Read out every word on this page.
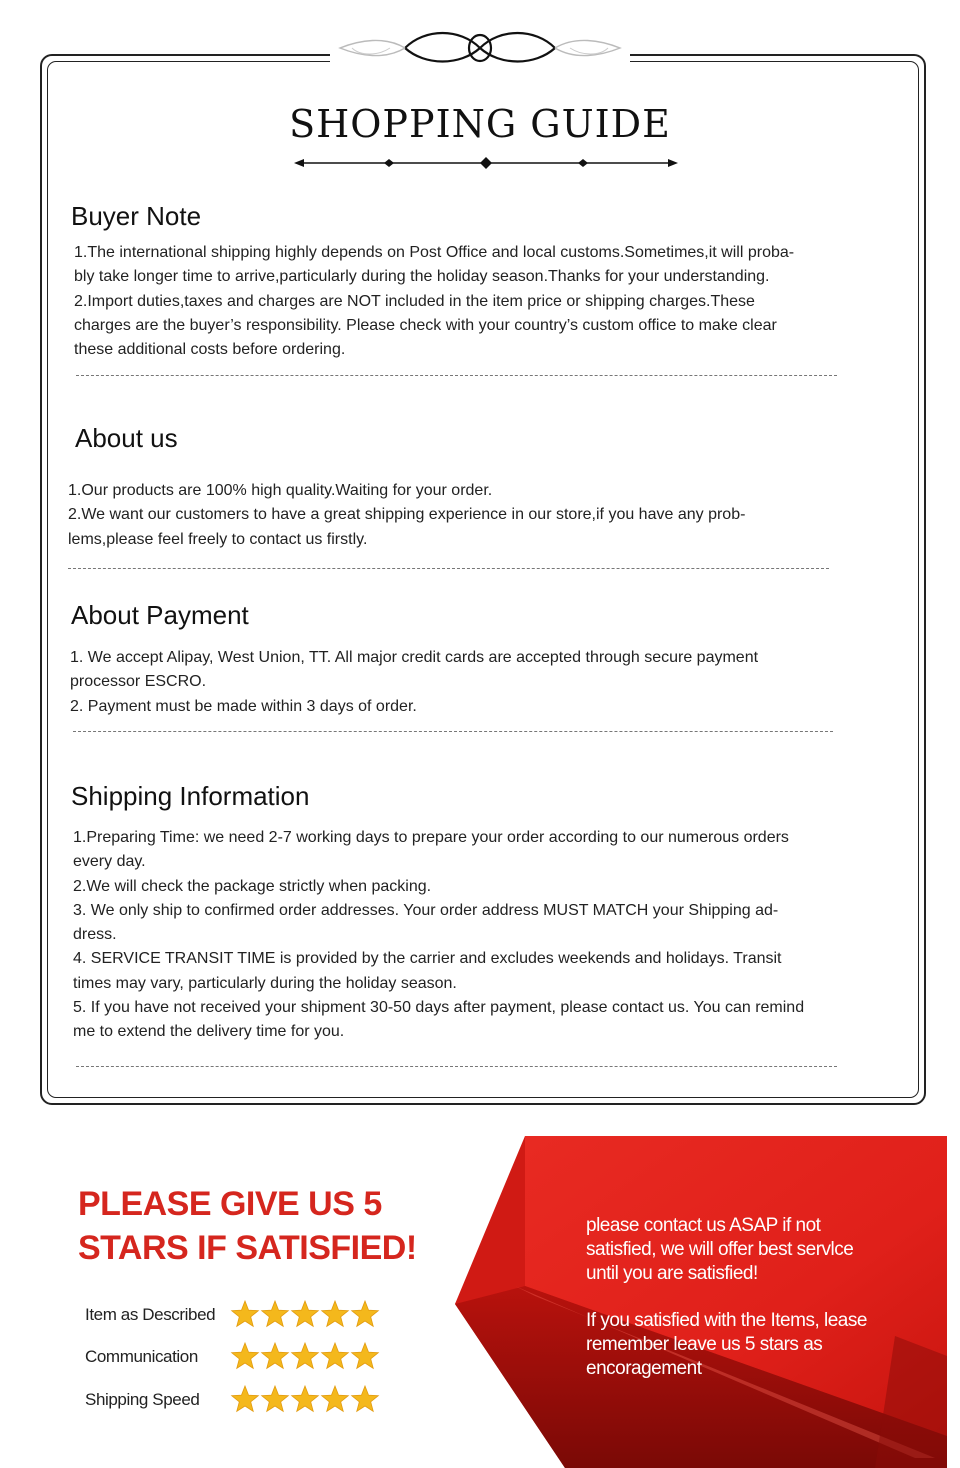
SHOPPING GUIDE
Buyer Note
1.The international shipping highly depends on Post Office and local customs.Sometimes,it will proba-
bly take longer time to arrive,particularly during the holiday season.Thanks for your understanding.
2.Import duties,taxes and charges are NOT included in the item price or shipping charges.These
charges are the buyer’s responsibility. Please check with your country’s custom office to make clear
these additional costs before ordering.
About us
1.Our products are 100% high quality.Waiting for your order.
2.We want our customers to have a great shipping experience in our store,if you have any prob-
lems,please feel freely to contact us firstly.
About Payment
1. We accept Alipay, West Union, TT. All major credit cards are accepted through secure payment
processor ESCRO.
2. Payment must be made within 3 days of order.
Shipping Information
1.Preparing Time: we need 2-7 working days to prepare your order according to our numerous orders
every day.
2.We will check the package strictly when packing.
3. We only ship to confirmed order addresses. Your order address MUST MATCH your Shipping ad-
dress.
4. SERVICE TRANSIT TIME is provided by the carrier and excludes weekends and holidays. Transit
times may vary, particularly during the holiday season.
5. If you have not received your shipment 30-50 days after payment, please contact us. You can remind
me to extend the delivery time for you.
PLEASE GIVE US 5
STARS IF SATISFIED!
Item as Described
Communication
Shipping Speed

please contact us ASAP if not
satisfied, we will offer best servlce
until you are satisfied!

If you satisfied with the Items, lease
remember leave us 5 stars as
encoragement
